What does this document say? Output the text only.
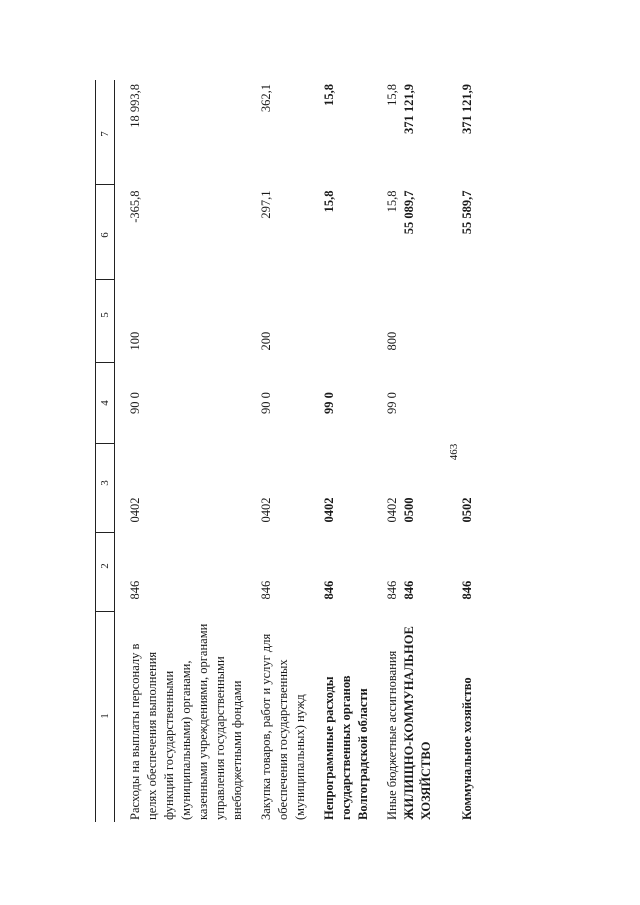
463
1	2	3	4	5	6	7

Расходы на выплаты персоналу в целях обеспечения выполнения функций государственными (муниципальными) органами, казенными учреждениями, органами управления государственными внебюджетными фондами	846	0402	90 0	100	-365,8	18 993,8

Закупка товаров, работ и услуг для обеспечения государственных (муниципальных) нужд	846	0402	90 0	200	297,1	362,1

Непрограммные расходы государственных органов Волгоградской области	846	0402	99 0		15,8	15,8

Иные бюджетные ассигнования	846	0402	99 0	800	15,8	15,8
ЖИЛИЩНО-КОММУНАЛЬНОЕ ХОЗЯЙСТВО	846	0500			55 089,7	371 121,9

Коммунальное хозяйство	846	0502			55 589,7	371 121,9
